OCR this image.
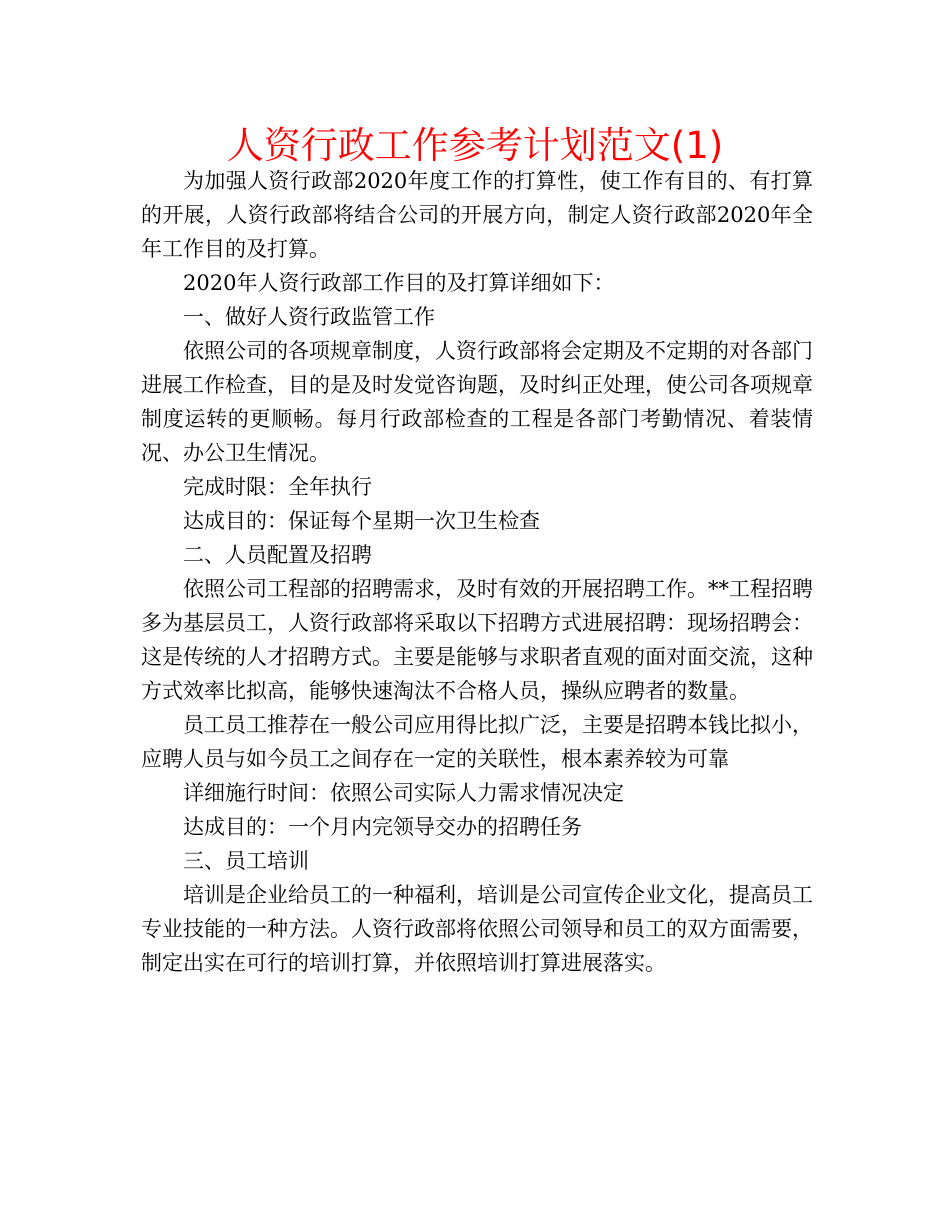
人资行政工作参考计划范文(1)

为加强人资行政部2020年度工作的打算性，使工作有目的、有打算的开展，人资行政部将结合公司的开展方向，制定人资行政部2020年全年工作目的及打算。

2020年人资行政部工作目的及打算详细如下：

一、做好人资行政监管工作

依照公司的各项规章制度，人资行政部将会定期及不定期的对各部门进展工作检查，目的是及时发觉咨询题，及时纠正处理，使公司各项规章制度运转的更顺畅。每月行政部检查的工程是各部门考勤情况、着装情况、办公卫生情况。

完成时限：全年执行

达成目的：保证每个星期一次卫生检查

二、人员配置及招聘

依照公司工程部的招聘需求，及时有效的开展招聘工作。**工程招聘多为基层员工，人资行政部将采取以下招聘方式进展招聘：现场招聘会：这是传统的人才招聘方式。主要是能够与求职者直观的面对面交流，这种方式效率比拟高，能够快速淘汰不合格人员，操纵应聘者的数量。

员工员工推荐在一般公司应用得比拟广泛，主要是招聘本钱比拟小，应聘人员与如今员工之间存在一定的关联性，根本素养较为可靠

详细施行时间：依照公司实际人力需求情况决定

达成目的：一个月内完领导交办的招聘任务

三、员工培训

培训是企业给员工的一种福利，培训是公司宣传企业文化，提高员工专业技能的一种方法。人资行政部将依照公司领导和员工的双方面需要，制定出实在可行的培训打算，并依照培训打算进展落实。
